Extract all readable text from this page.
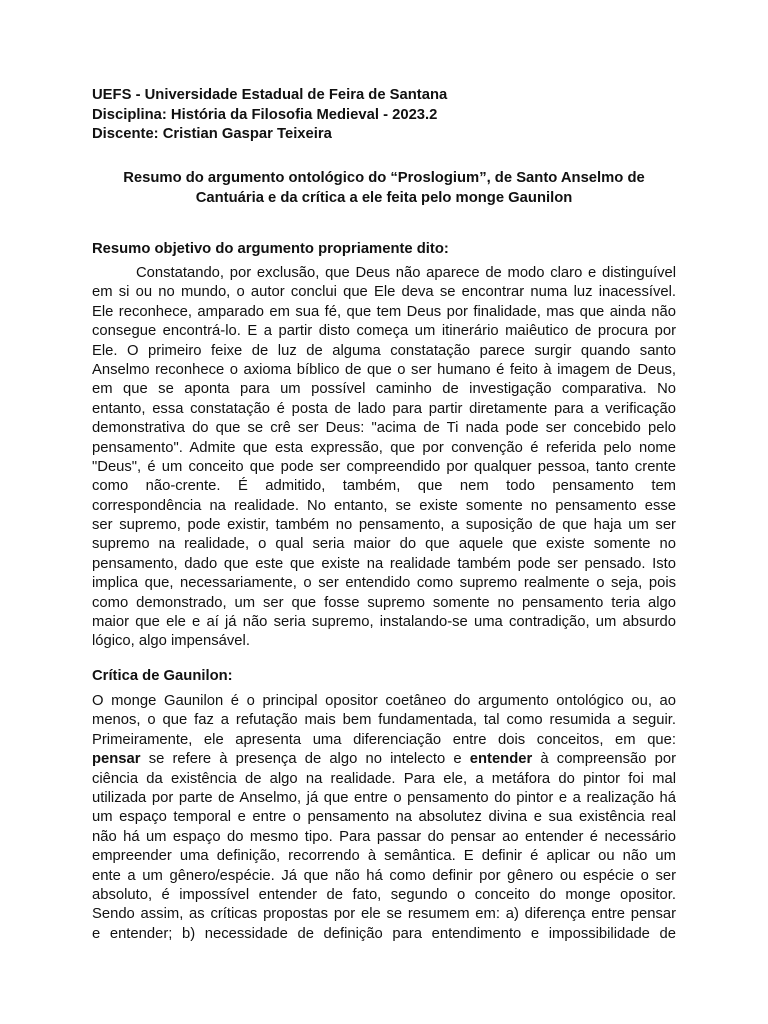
UEFS - Universidade Estadual de Feira de Santana
Disciplina: História da Filosofia Medieval - 2023.2
Discente: Cristian Gaspar Teixeira
Resumo do argumento ontológico do “Proslogium”, de Santo Anselmo de
Cantuária e da crítica a ele feita pelo monge Gaunilon
Resumo objetivo do argumento propriamente dito:
Constatando, por exclusão, que Deus não aparece de modo claro e distinguível
em si ou no mundo, o autor conclui que Ele deva se encontrar numa luz inacessível.
Ele reconhece, amparado em sua fé, que tem Deus por finalidade, mas que ainda não
consegue encontrá-lo. E a partir disto começa um itinerário maiêutico de procura por
Ele. O primeiro feixe de luz de alguma constatação parece surgir quando santo
Anselmo reconhece o axioma bíblico de que o ser humano é feito à imagem de Deus,
em que se aponta para um possível caminho de investigação comparativa. No
entanto, essa constatação é posta de lado para partir diretamente para a verificação
demonstrativa do que se crê ser Deus: "acima de Ti nada pode ser concebido pelo
pensamento". Admite que esta expressão, que por convenção é referida pelo nome
"Deus", é um conceito que pode ser compreendido por qualquer pessoa, tanto crente
como não-crente. É admitido, também, que nem todo pensamento tem
correspondência na realidade. No entanto, se existe somente no pensamento esse
ser supremo, pode existir, também no pensamento, a suposição de que haja um ser
supremo na realidade, o qual seria maior do que aquele que existe somente no
pensamento, dado que este que existe na realidade também pode ser pensado. Isto
implica que, necessariamente, o ser entendido como supremo realmente o seja, pois
como demonstrado, um ser que fosse supremo somente no pensamento teria algo
maior que ele e aí já não seria supremo, instalando-se uma contradição, um absurdo
lógico, algo impensável.
Crítica de Gaunilon:
O monge Gaunilon é o principal opositor coetâneo do argumento ontológico ou, ao
menos, o que faz a refutação mais bem fundamentada, tal como resumida a seguir.
Primeiramente, ele apresenta uma diferenciação entre dois conceitos, em que:
pensar se refere à presença de algo no intelecto e entender à compreensão por
ciência da existência de algo na realidade. Para ele, a metáfora do pintor foi mal
utilizada por parte de Anselmo, já que entre o pensamento do pintor e a realização há
um espaço temporal e entre o pensamento na absolutez divina e sua existência real
não há um espaço do mesmo tipo. Para passar do pensar ao entender é necessário
empreender uma definição, recorrendo à semântica. E definir é aplicar ou não um
ente a um gênero/espécie. Já que não há como definir por gênero ou espécie o ser
absoluto, é impossível entender de fato, segundo o conceito do monge opositor.
Sendo assim, as críticas propostas por ele se resumem em: a) diferença entre pensar
e entender; b) necessidade de definição para entendimento e impossibilidade de
